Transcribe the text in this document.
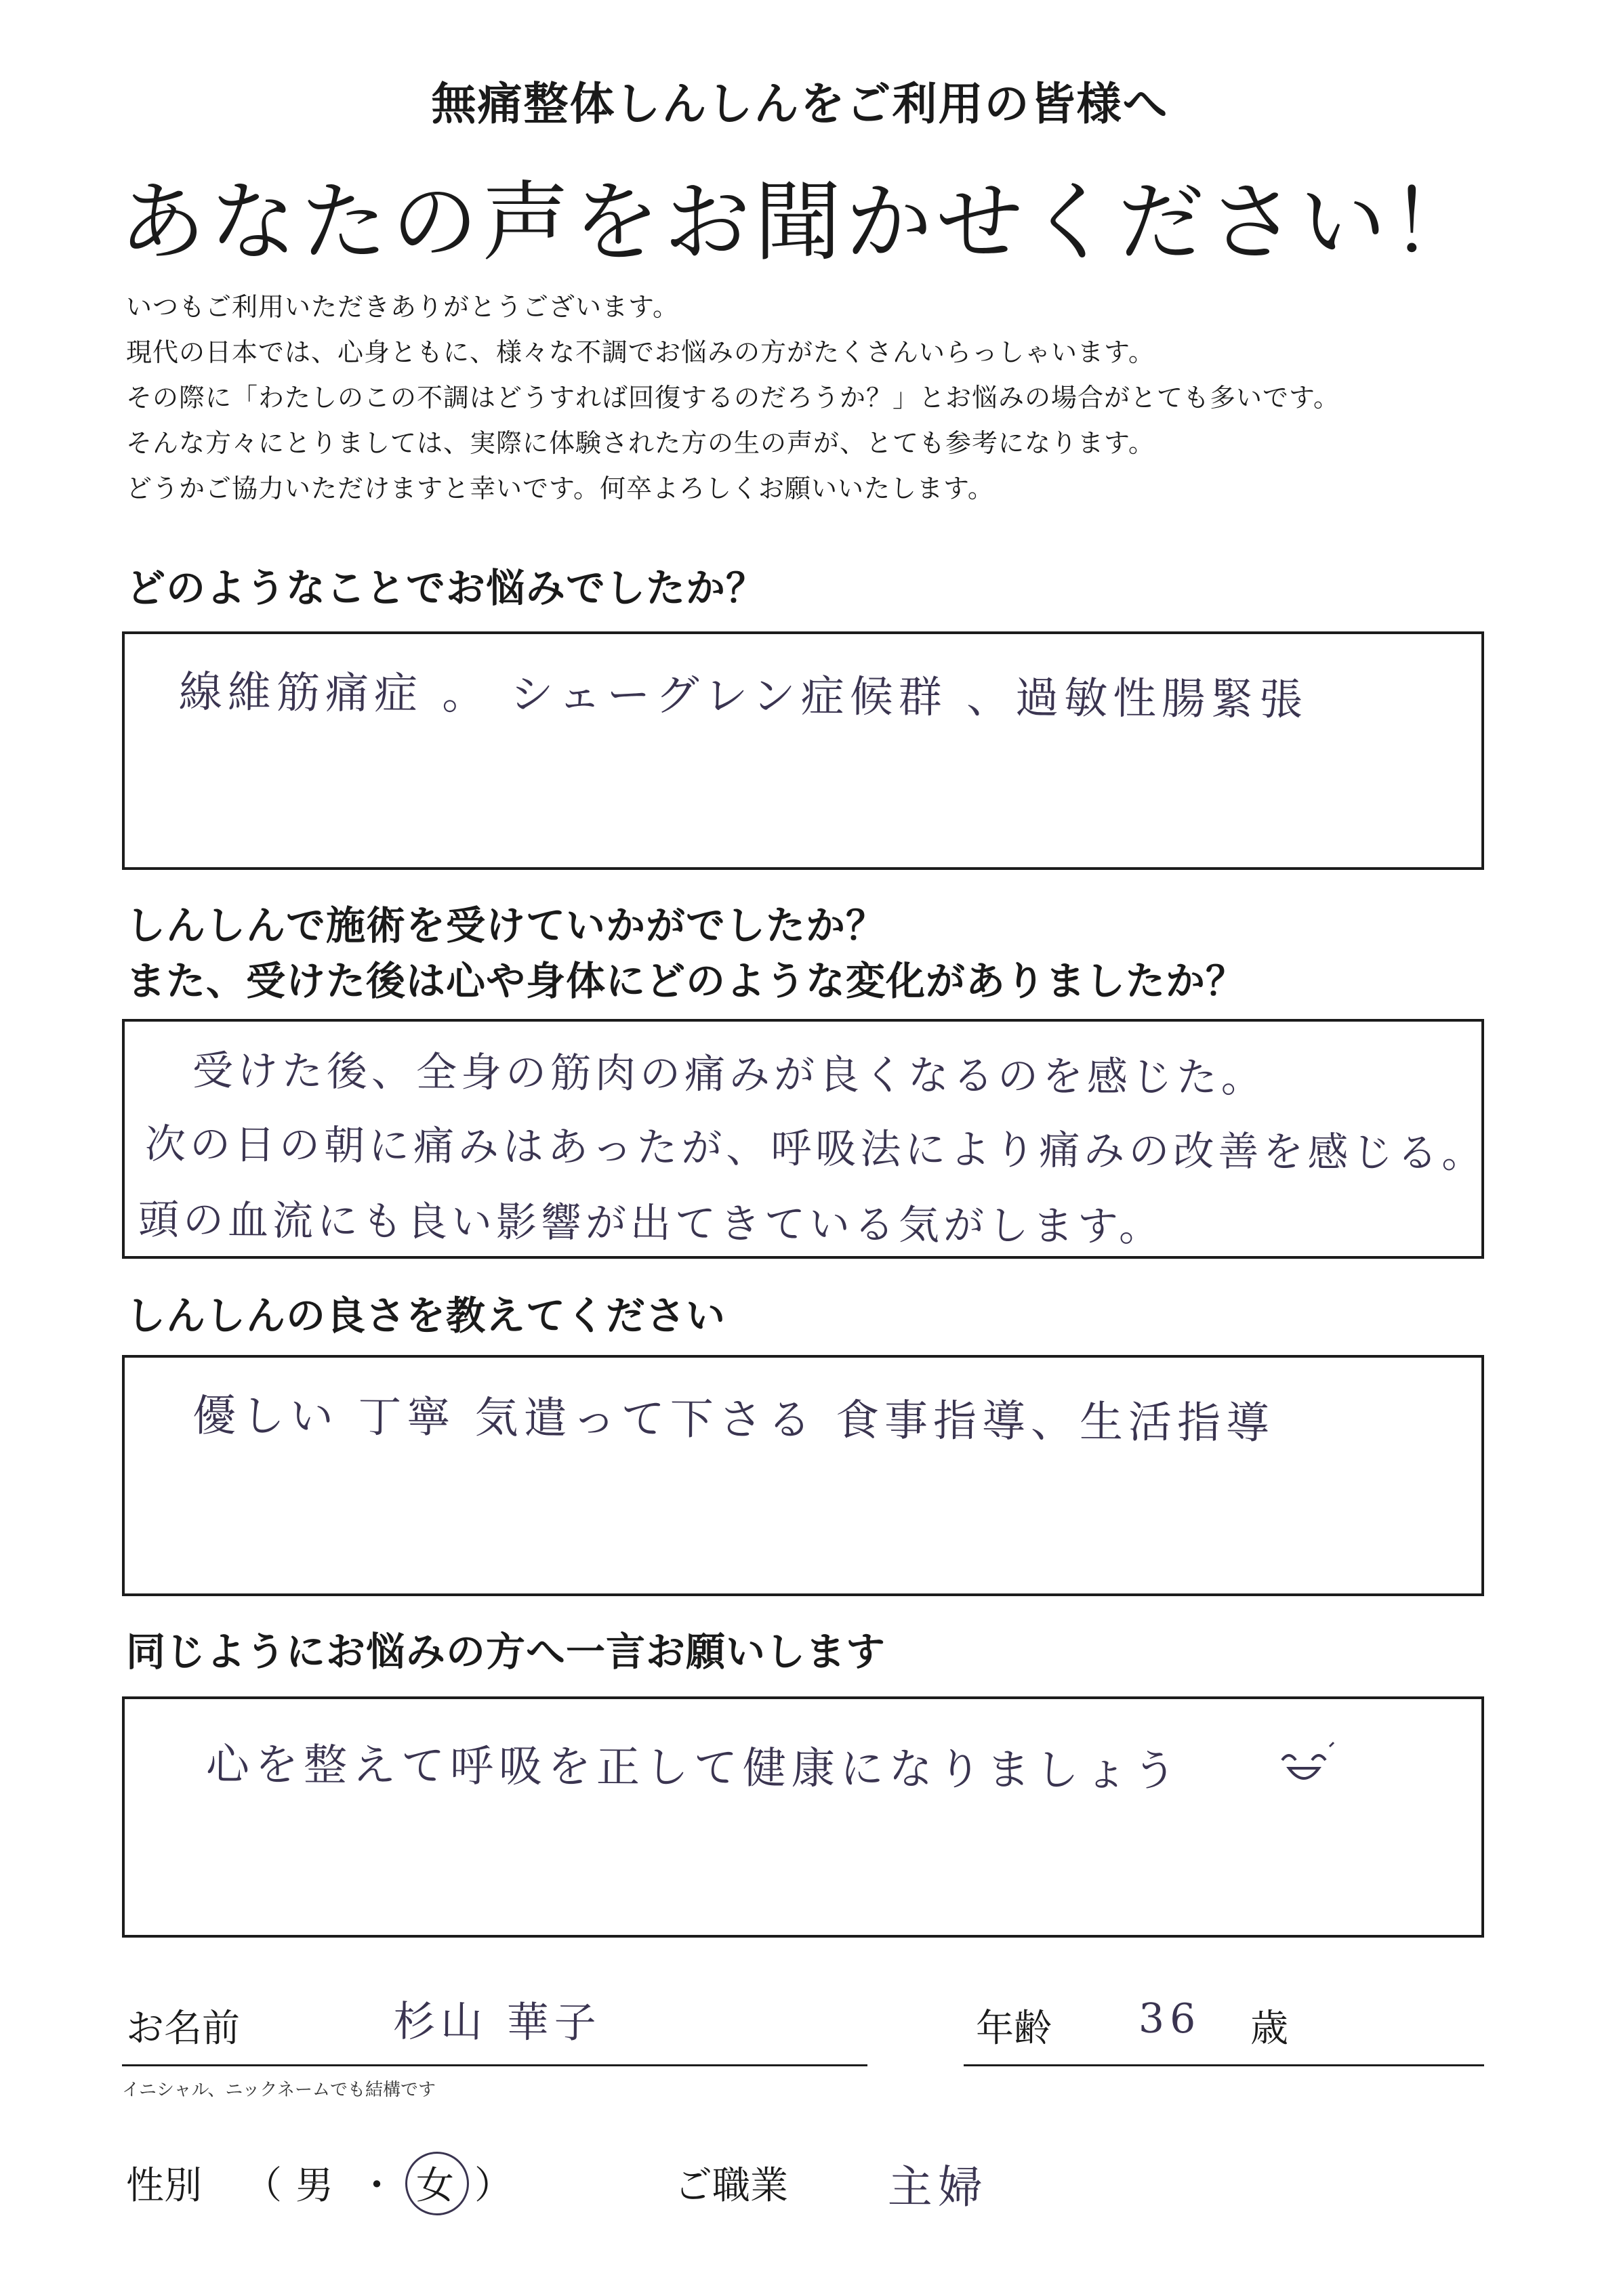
無痛整体しんしんをご利用の皆様へ
あなたの声をお聞かせください！

いつもご利用いただきありがとうございます。

現代の日本では、心身ともに、様々な不調でお悩みの方がたくさんいらっしゃいます。

その際に「わたしのこの不調はどうすれば回復するのだろうか？」とお悩みの場合がとても多いです。

そんな方々にとりましては、実際に体験された方の生の声が、とても参考になります。

どうかご協力いただけますと幸いです。何卒よろしくお願いいたします。

どのようなことでお悩みでしたか？
線維筋痛症 。 シェーグレン症候群 、過敏性腸緊張
しんしんで施術を受けていかがでしたか？
また、受けた後は心や身体にどのような変化がありましたか？
受けた後、全身の筋肉の痛みが良くなるのを感じた。
次の日の朝に痛みはあったが、呼吸法により痛みの改善を感じる。
頭の血流にも良い影響が出てきている気がします。
しんしんの良さを教えてください
優しい 丁寧 気遣って下さる 食事指導、生活指導
同じようにお悩みの方へ一言お願いします
心を整えて呼吸を正して健康になりましょう
お名前	杉山 華子
イニシャル、ニックネームでも結構です
年齢 36 歳
性別 （ 男 ・ 女 ）	ご職業 主婦
